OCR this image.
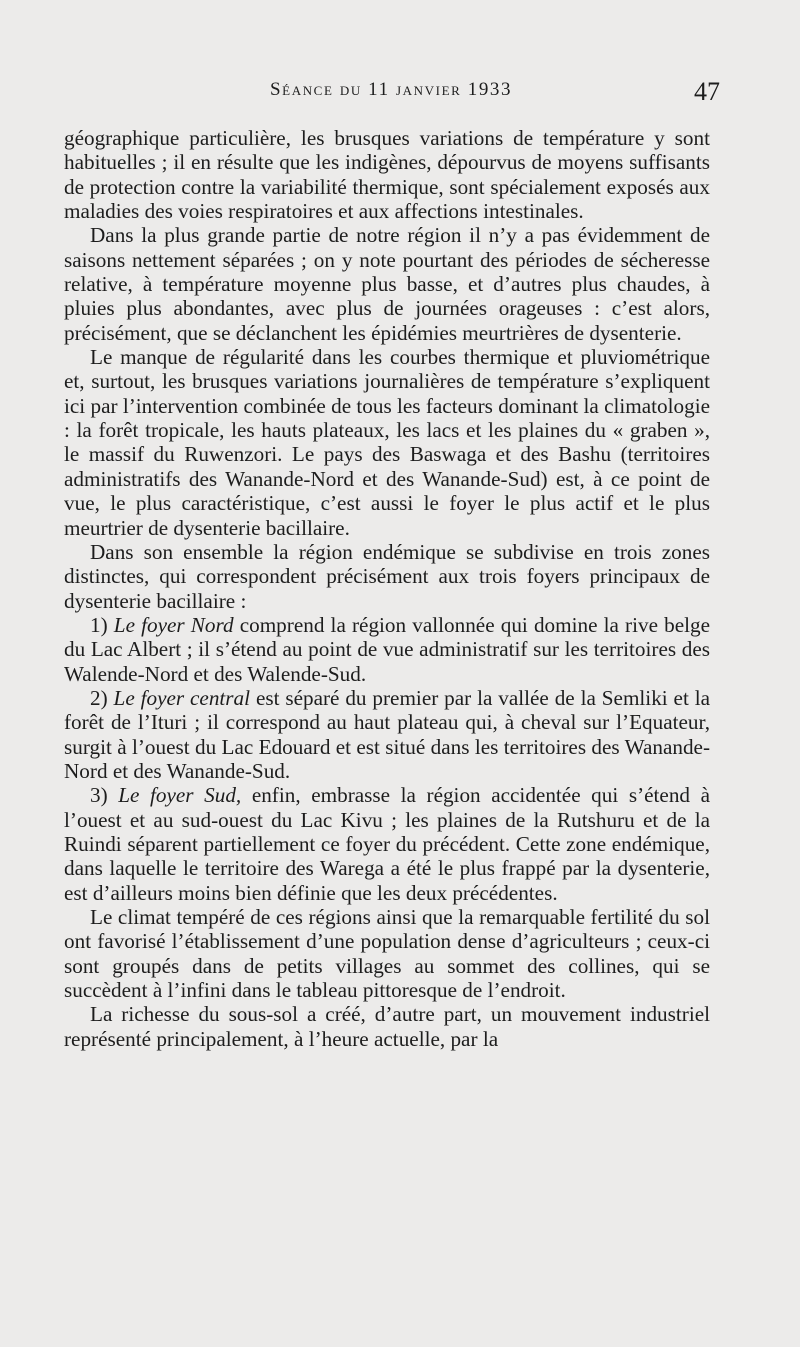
Séance du 11 janvier 1933	47

géographique particulière, les brusques variations de température y sont habituelles ; il en résulte que les indigènes, dépourvus de moyens suffisants de protection contre la variabilité thermique, sont spécialement exposés aux maladies des voies respiratoires et aux affections intestinales.

Dans la plus grande partie de notre région il n’y a pas évidemment de saisons nettement séparées ; on y note pourtant des périodes de sécheresse relative, à température moyenne plus basse, et d’autres plus chaudes, à pluies plus abondantes, avec plus de journées orageuses : c’est alors, précisément, que se déclanchent les épidémies meurtrières de dysenterie.

Le manque de régularité dans les courbes thermique et pluviométrique et, surtout, les brusques variations journalières de température s’expliquent ici par l’intervention combinée de tous les facteurs dominant la climatologie : la forêt tropicale, les hauts plateaux, les lacs et les plaines du « graben », le massif du Ruwenzori. Le pays des Baswaga et des Bashu (territoires administratifs des Wanande-Nord et des Wanande-Sud) est, à ce point de vue, le plus caractéristique, c’est aussi le foyer le plus actif et le plus meurtrier de dysenterie bacillaire.

Dans son ensemble la région endémique se subdivise en trois zones distinctes, qui correspondent précisément aux trois foyers principaux de dysenterie bacillaire :

1) Le foyer Nord comprend la région vallonnée qui domine la rive belge du Lac Albert ; il s’étend au point de vue administratif sur les territoires des Walende-Nord et des Walende-Sud.

2) Le foyer central est séparé du premier par la vallée de la Semliki et la forêt de l’Ituri ; il correspond au haut plateau qui, à cheval sur l’Equateur, surgit à l’ouest du Lac Edouard et est situé dans les territoires des Wanande-Nord et des Wanande-Sud.

3) Le foyer Sud, enfin, embrasse la région accidentée qui s’étend à l’ouest et au sud-ouest du Lac Kivu ; les plaines de la Rutshuru et de la Ruindi séparent partiellement ce foyer du précédent. Cette zone endémique, dans laquelle le territoire des Warega a été le plus frappé par la dysenterie, est d’ailleurs moins bien définie que les deux précédentes.

Le climat tempéré de ces régions ainsi que la remarquable fertilité du sol ont favorisé l’établissement d’une population dense d’agriculteurs ; ceux-ci sont groupés dans de petits villages au sommet des collines, qui se succèdent à l’infini dans le tableau pittoresque de l’endroit.

La richesse du sous-sol a créé, d’autre part, un mouvement industriel représenté principalement, à l’heure actuelle, par la
